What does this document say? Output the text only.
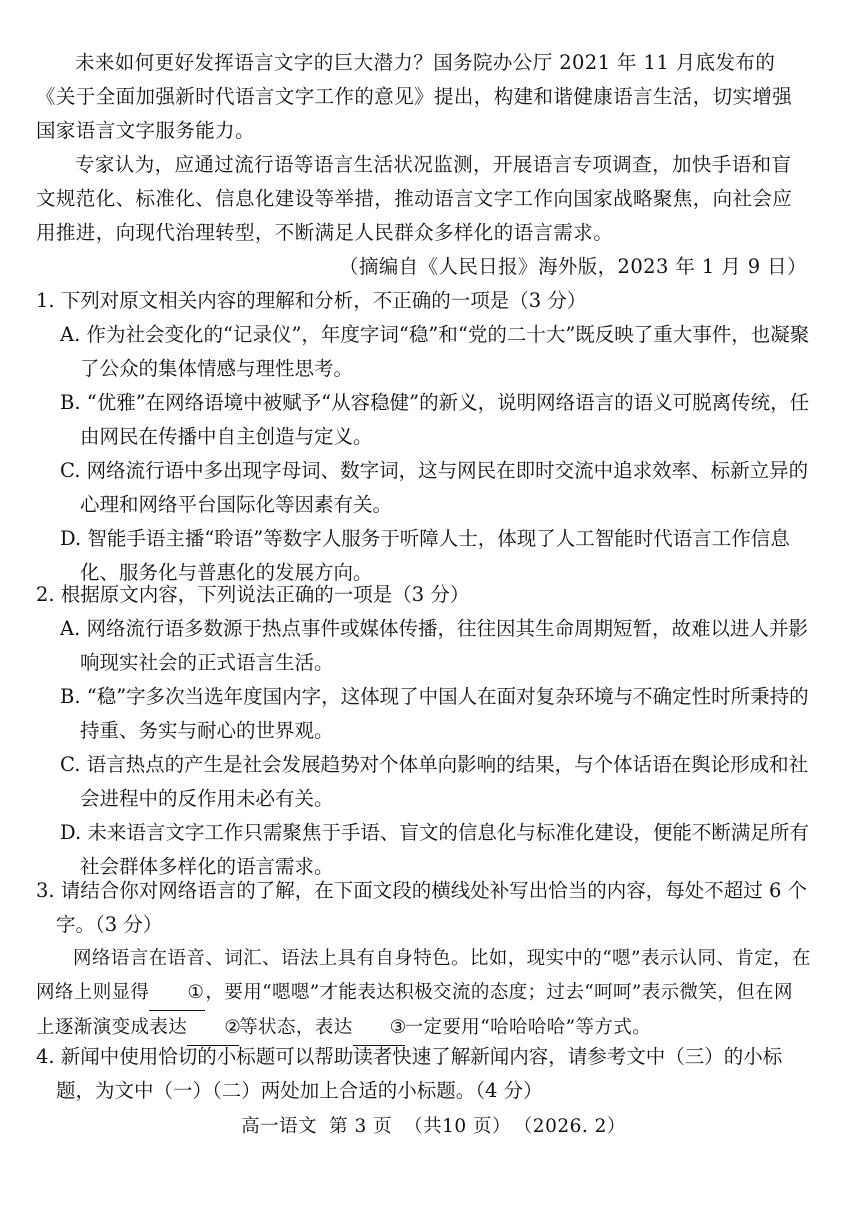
未来如何更好发挥语言文字的巨大潜力？国务院办公厅 2021 年 11 月底发布的《关于全面加强新时代语言文字工作的意见》提出，构建和谐健康语言生活，切实增强国家语言文字服务能力。

专家认为，应通过流行语等语言生活状况监测，开展语言专项调查，加快手语和盲文规范化、标准化、信息化建设等举措，推动语言文字工作向国家战略聚焦，向社会应用推进，向现代治理转型，不断满足人民群众多样化的语言需求。

（摘编自《人民日报》海外版，2023 年 1 月 9 日）

1. 下列对原文相关内容的理解和分析，不正确的一项是（3 分）

A. 作为社会变化的“记录仪”，年度字词“稳”和“党的二十大”既反映了重大事件，也凝聚了公众的集体情感与理性思考。
B. “优雅”在网络语境中被赋予“从容稳健”的新义，说明网络语言的语义可脱离传统，任由网民在传播中自主创造与定义。
C. 网络流行语中多出现字母词、数字词，这与网民在即时交流中追求效率、标新立异的心理和网络平台国际化等因素有关。
D. 智能手语主播“聆语”等数字人服务于听障人士，体现了人工智能时代语言工作信息化、服务化与普惠化的发展方向。

2. 根据原文内容，下列说法正确的一项是（3 分）

A. 网络流行语多数源于热点事件或媒体传播，往往因其生命周期短暂，故难以进人并影响现实社会的正式语言生活。
B. “稳”字多次当选年度国内字，这体现了中国人在面对复杂环境与不确定性时所秉持的持重、务实与耐心的世界观。
C. 语言热点的产生是社会发展趋势对个体单向影响的结果，与个体话语在舆论形成和社会进程中的反作用未必有关。
D. 未来语言文字工作只需聚焦于手语、盲文的信息化与标准化建设，便能不断满足所有社会群体多样化的语言需求。

3. 请结合你对网络语言的了解，在下面文段的横线处补写出恰当的内容，每处不超过 6 个字。（3 分）

网络语言在语音、词汇、语法上具有自身特色。比如，现实中的“嗯”表示认同、肯定，在网络上则显得 ①，要用“嗯嗯”才能表达积极交流的态度；过去“呵呵”表示微笑，但在网上逐渐演变成表达 ②等状态，表达 ③一定要用“哈哈哈哈”等方式。

4. 新闻中使用恰切的小标题可以帮助读者快速了解新闻内容，请参考文中（三）的小标题，为文中（一）（二）两处加上合适的小标题。（4 分）

高一语文 第 3 页 （共10 页） （2026. 2）
